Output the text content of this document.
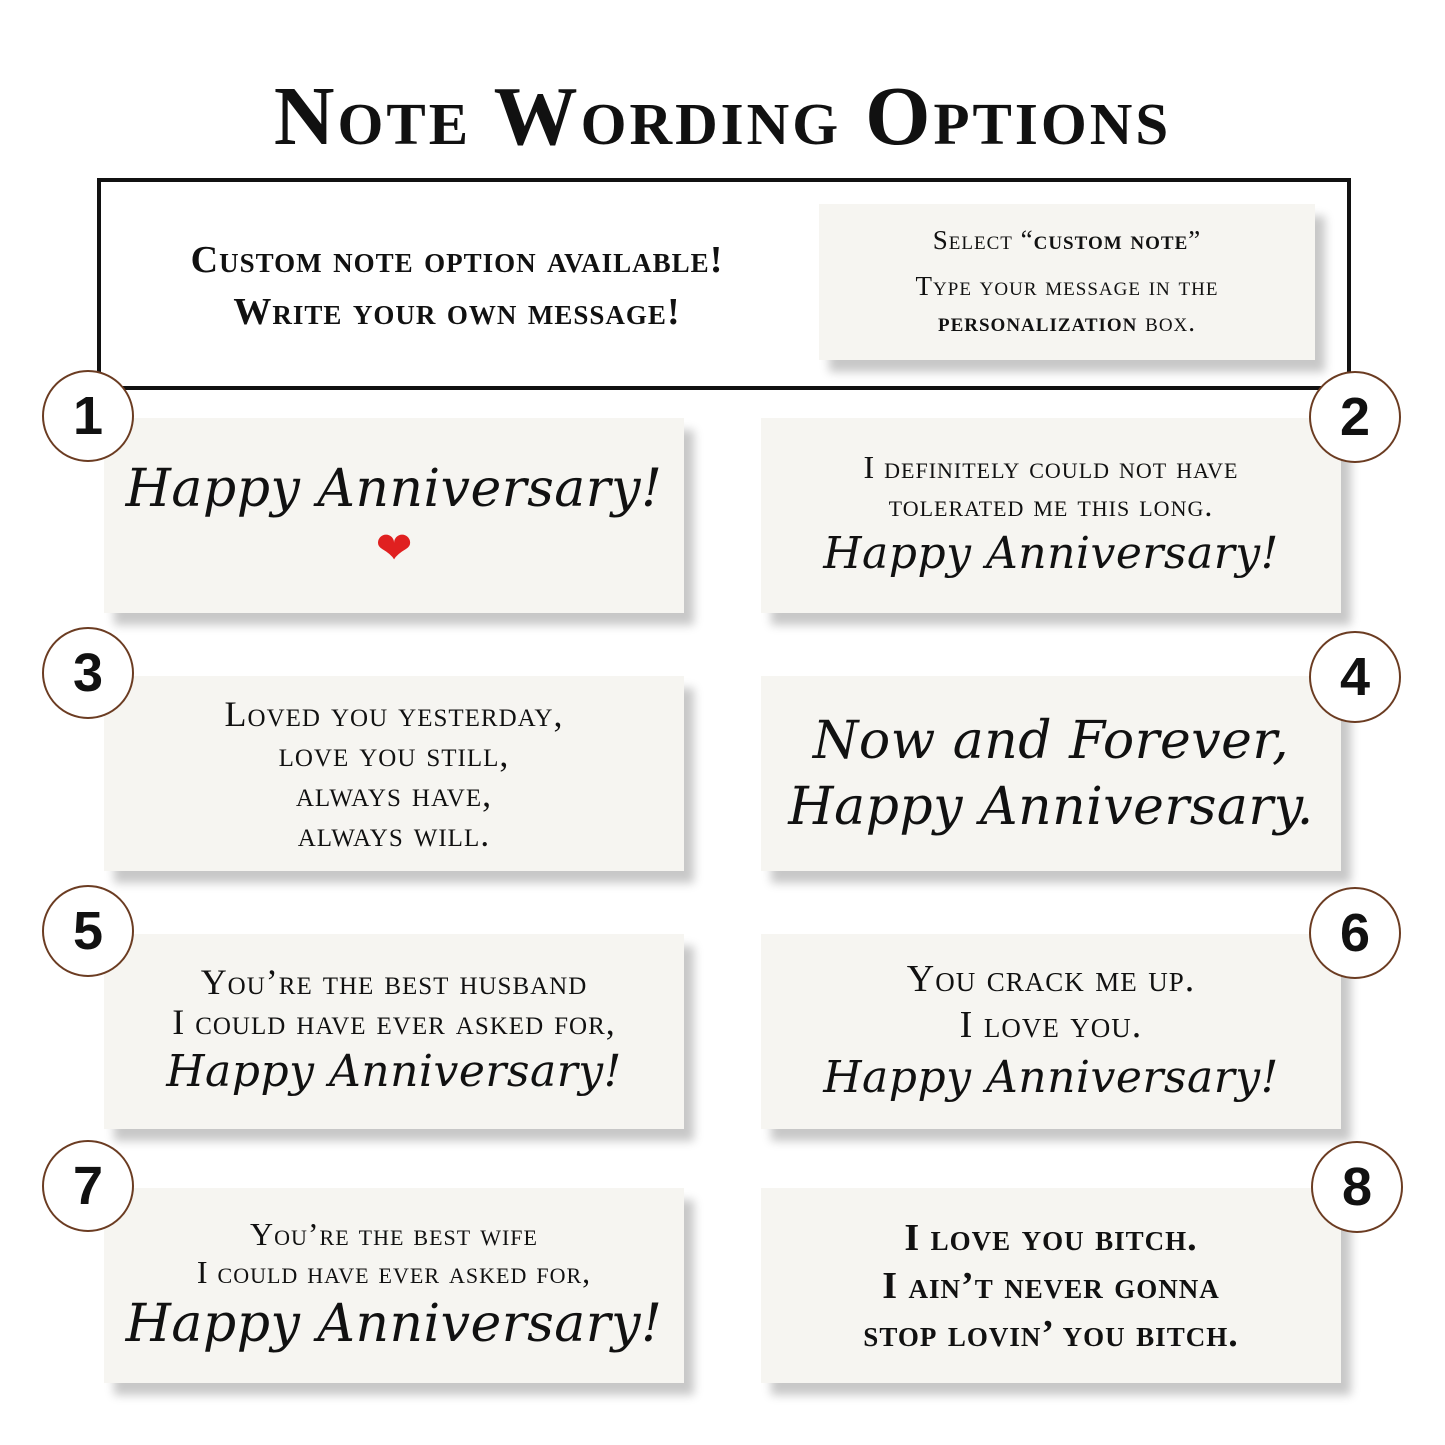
Note Wording Options
Custom note option available!
Write your own message!
Select “custom note”
Type your message in the
personalization box.
1
Happy Anniversary!
❤
2
I definitely could not have
tolerated me this long.
Happy Anniversary!
3
Loved you yesterday,
love you still,
always have,
always will.
4
Now and Forever,
Happy Anniversary.
5
You’re the best husband
I could have ever asked for,
Happy Anniversary!
6
You crack me up.
I love you.
Happy Anniversary!
7
You’re the best wife
I could have ever asked for,
Happy Anniversary!
8
I love you bitch.
I ain’t never gonna
stop lovin’ you bitch.
